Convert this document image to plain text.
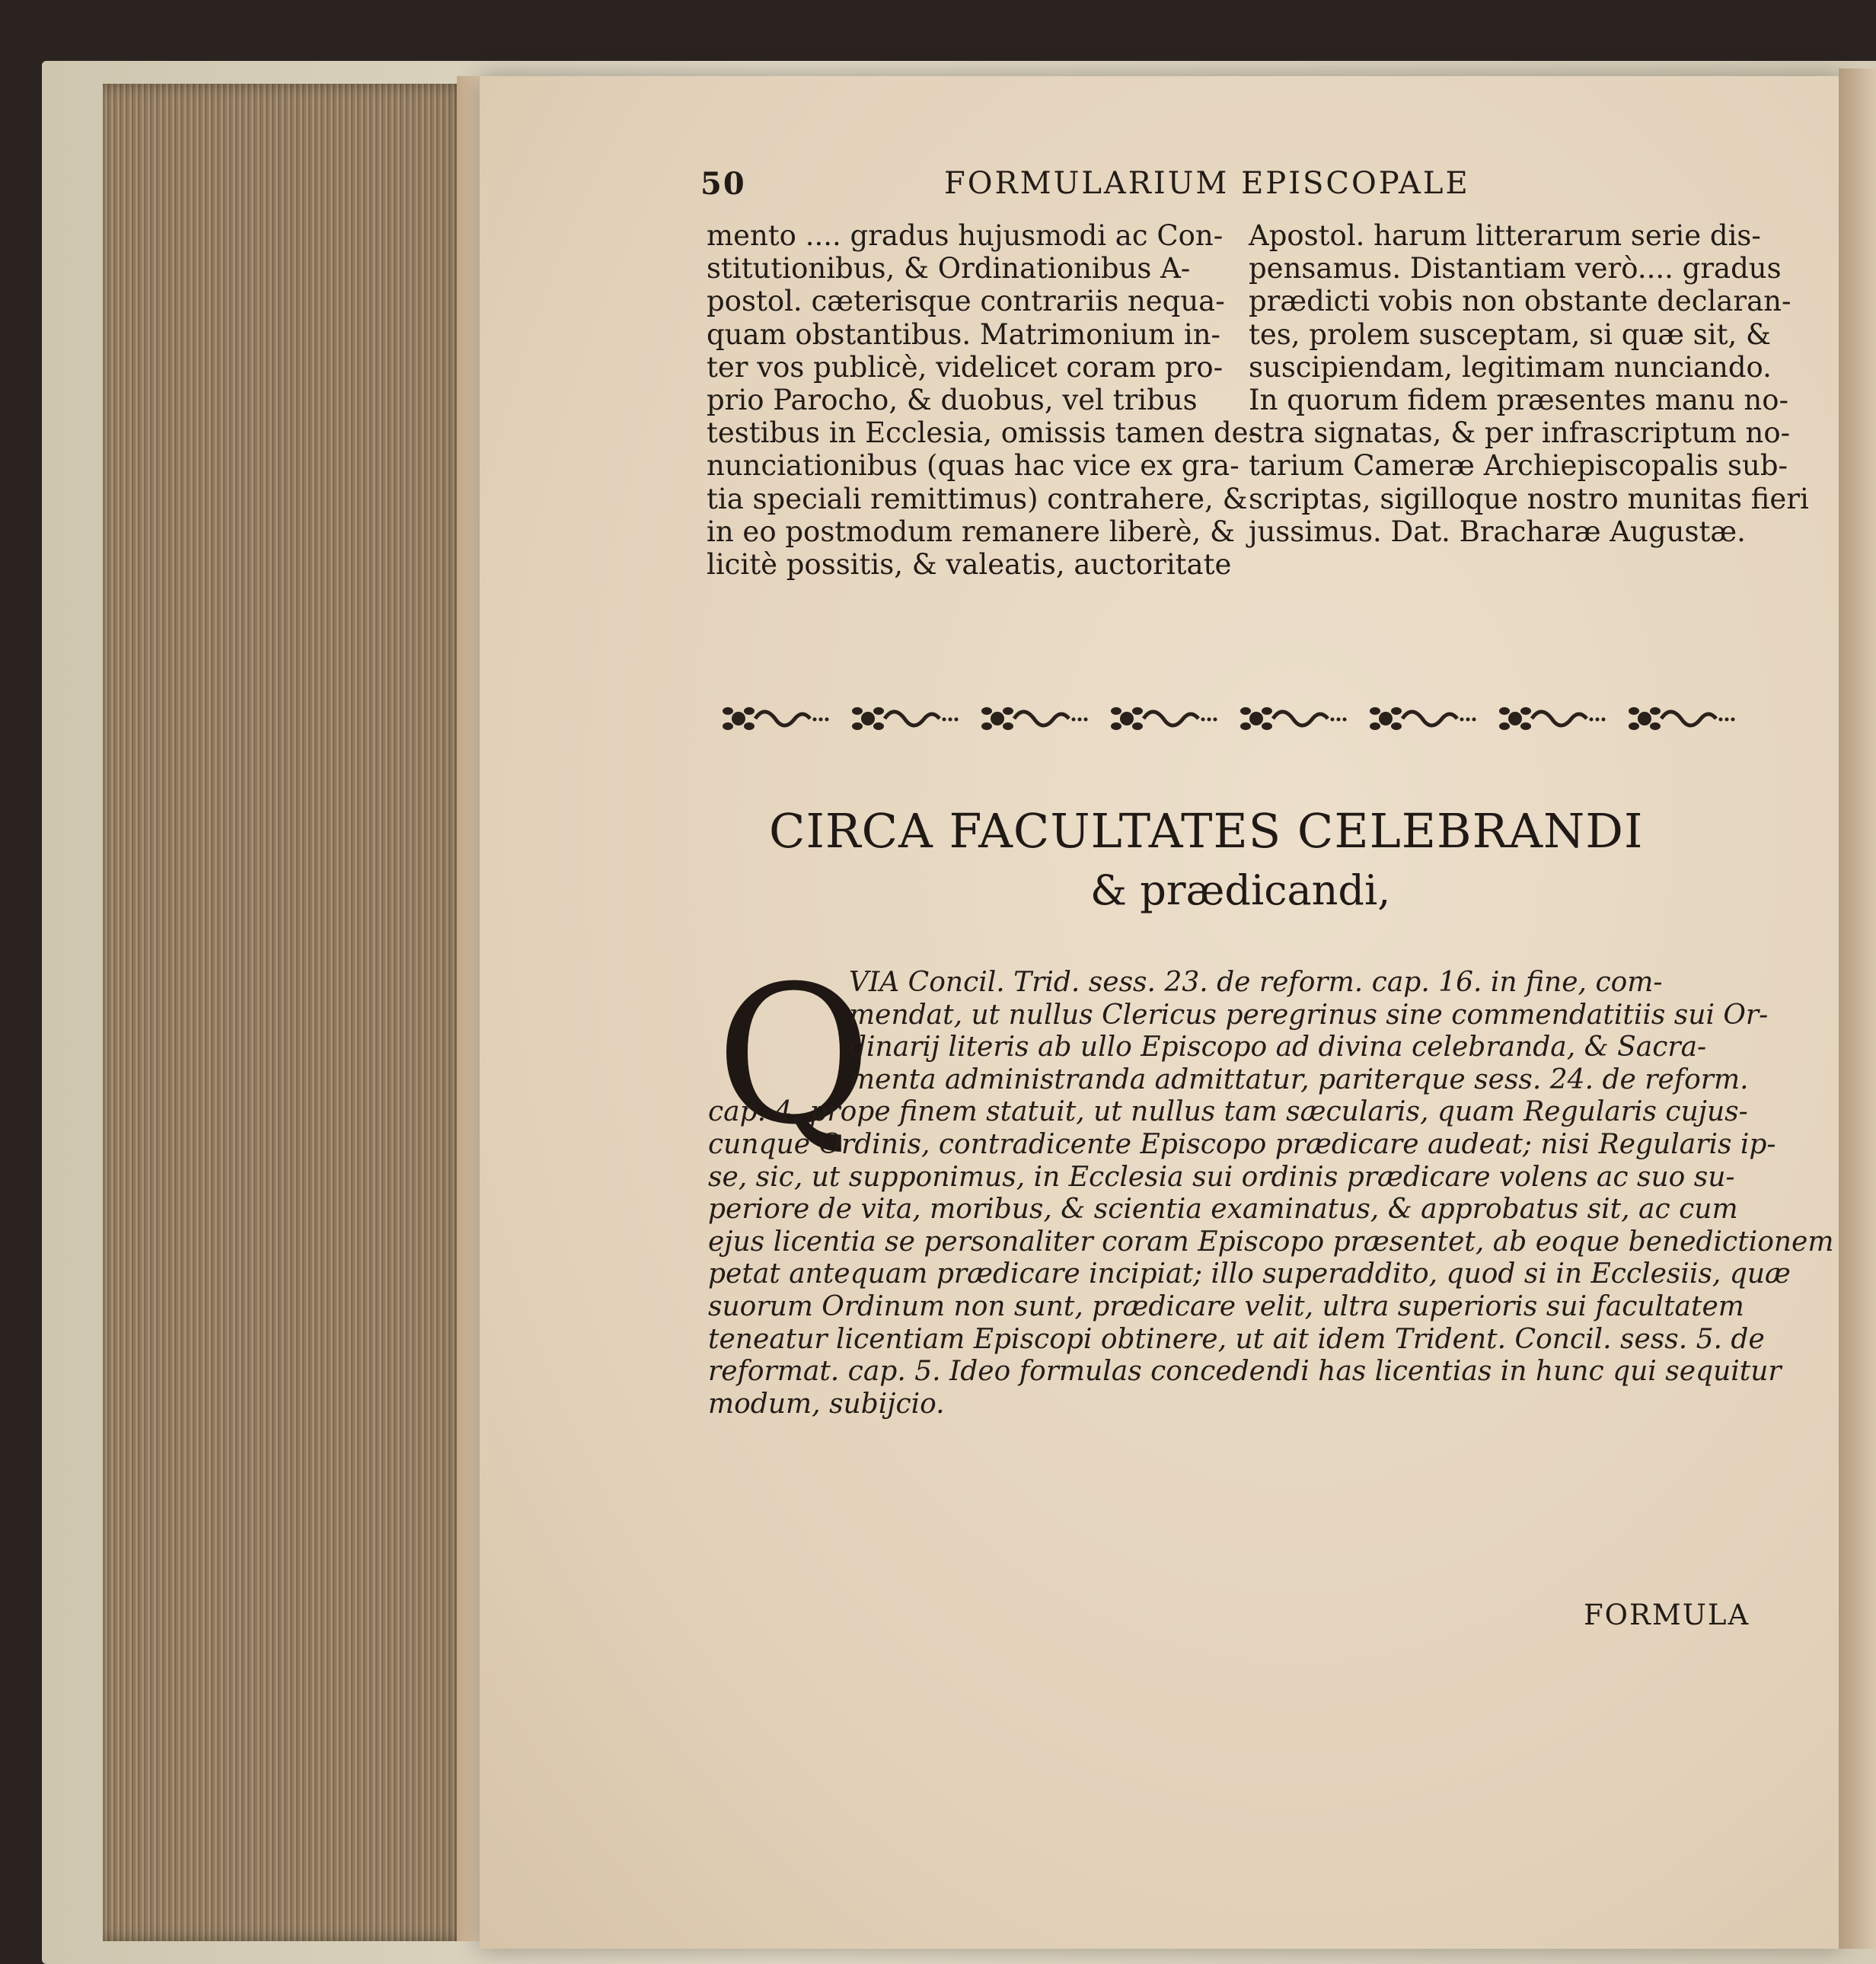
50	FORMULARIUM EPISCOPALE
mento .... gradus hujusmodi ac Con-
stitutionibus, & Ordinationibus A-
postol. cæterisque contrariis nequa-
quam obstantibus. Matrimonium in-
ter vos publicè, videlicet coram pro-
prio Parocho, & duobus, vel tribus
testibus in Ecclesia, omissis tamen de-
nunciationibus (quas hac vice ex gra-
tia speciali remittimus) contrahere, &
in eo postmodum remanere liberè, &
licitè possitis, & valeatis, auctoritate
Apostol. harum litterarum serie dis-
pensamus. Distantiam verò.... gradus
prædicti vobis non obstante declaran-
tes, prolem susceptam, si quæ sit, &
suscipiendam, legitimam nunciando.
In quorum fidem præsentes manu no-
stra signatas, & per infrascriptum no-
tarium Cameræ Archiepiscopalis sub-
scriptas, sigilloque nostro munitas fieri
jussimus. Dat. Bracharæ Augustæ.
CIRCA FACULTATES CELEBRANDI
& prædicandi,
Q
VIA Concil. Trid. sess. 23. de reform. cap. 16. in fine, com-
mendat, ut nullus Clericus peregrinus sine commendatitiis sui Or-
dinarij literis ab ullo Episcopo ad divina celebranda, & Sacra-
menta administranda admittatur, pariterque sess. 24. de reform.
cap. 4. prope finem statuit, ut nullus tam sæcularis, quam Regularis cujus-
cunque Ordinis, contradicente Episcopo prædicare audeat; nisi Regularis ip-
se, sic, ut supponimus, in Ecclesia sui ordinis prædicare volens ac suo su-
periore de vita, moribus, & scientia examinatus, & approbatus sit, ac cum
ejus licentia se personaliter coram Episcopo præsentet, ab eoque benedictionem
petat antequam prædicare incipiat; illo superaddito, quod si in Ecclesiis, quæ
suorum Ordinum non sunt, prædicare velit, ultra superioris sui facultatem
teneatur licentiam Episcopi obtinere, ut ait idem Trident. Concil. sess. 5. de
reformat. cap. 5. Ideo formulas concedendi has licentias in hunc qui sequitur
modum, subijcio.
FORMULA
